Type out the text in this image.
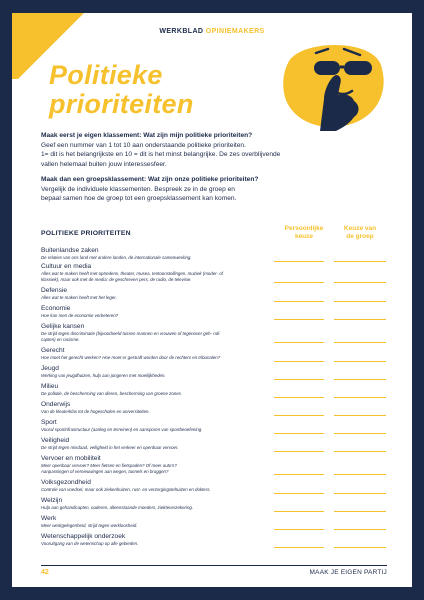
WERKBLAD OPINIEMAKERS
Politieke
prioriteiten
Maak eerst je eigen klassement: Wat zijn mijn politieke prioriteiten?
Geef een nummer van 1 tot 10 aan onderstaande politieke prioriteiten.
1= dit is het belangrijkste en 10 = dit is het minst belangrijke. De zes overblijvende
vallen helemaal buiten jouw interessesfeer.
Maak dan een groepsklassement: Wat zijn onze politieke prioriteiten?
Vergelijk de individuele klassementen. Bespreek ze in de groep en
bepaal samen hoe de groep tot een groepsklassement kan komen.
POLITIEKE PRIORITEITEN
Persoonlijke
keuze
Keuze van
de groep
Buitenlandse zaken
De relaties van ons land met andere landen, de internationale samenwerking.
Cultuur en media
Alles wat te maken heeft met optredens, theater, musea, tentoonstellingen, muziek (moder- of
klassiek), maar ook met de media: de geschreven pers, de radio, de televisie.
Defensie
Alles wat te maken heeft met het leger.
Economie
Hoe kan men de economie verbeteren?
Gelijke kansen
De strijd tegen discriminatie (bijvoorbeeld tussen mannen en vrouwen of tegenover geh- ndi-
capten) en racisme.
Gerecht
Hoe moet het gerecht werken? Hoe moet er gestraft worden door de rechters en tribunalen?
Jeugd
Werking van jeugdhuizen, hulp aan jongeren met moeilijkheden.
Milieu
De pollutie, de bescherming van dieren, bescherming van groene zones.
Onderwijs
Van de kleuterklas tot de hogescholen en universiteiten.
Sport
Vooral sportinfrastructuur (aanleg en terreinen) en aansporen van sportbeoefening.
Veiligheid
De strijd tegen misdaad, veiligheid in het verkeer en openbaar vervoer.
Vervoer en mobiliteit
Meer openbaar vervoer? Meer fietsen en fietspaden? Of meer auto's?
Aanpassingen of vernieuwingen aan wegen, tunnels en bruggen?
Volksgezondheid
Controle van voedsel, maar ook ziekenhuizen, rust- en verzorgingstehuizen en dokters.
Welzijn
Hulp aan gehandicapten, ouderen, alleenstaande moeders, ziekteverzekering.
Werk
Meer werkgelegenheid, strijd tegen werkloosheid.
Wetenschappelijk onderzoek
Vooruitgang van de wetenschap op alle gebieden.
42	MAAK JE EIGEN PARTIJ
